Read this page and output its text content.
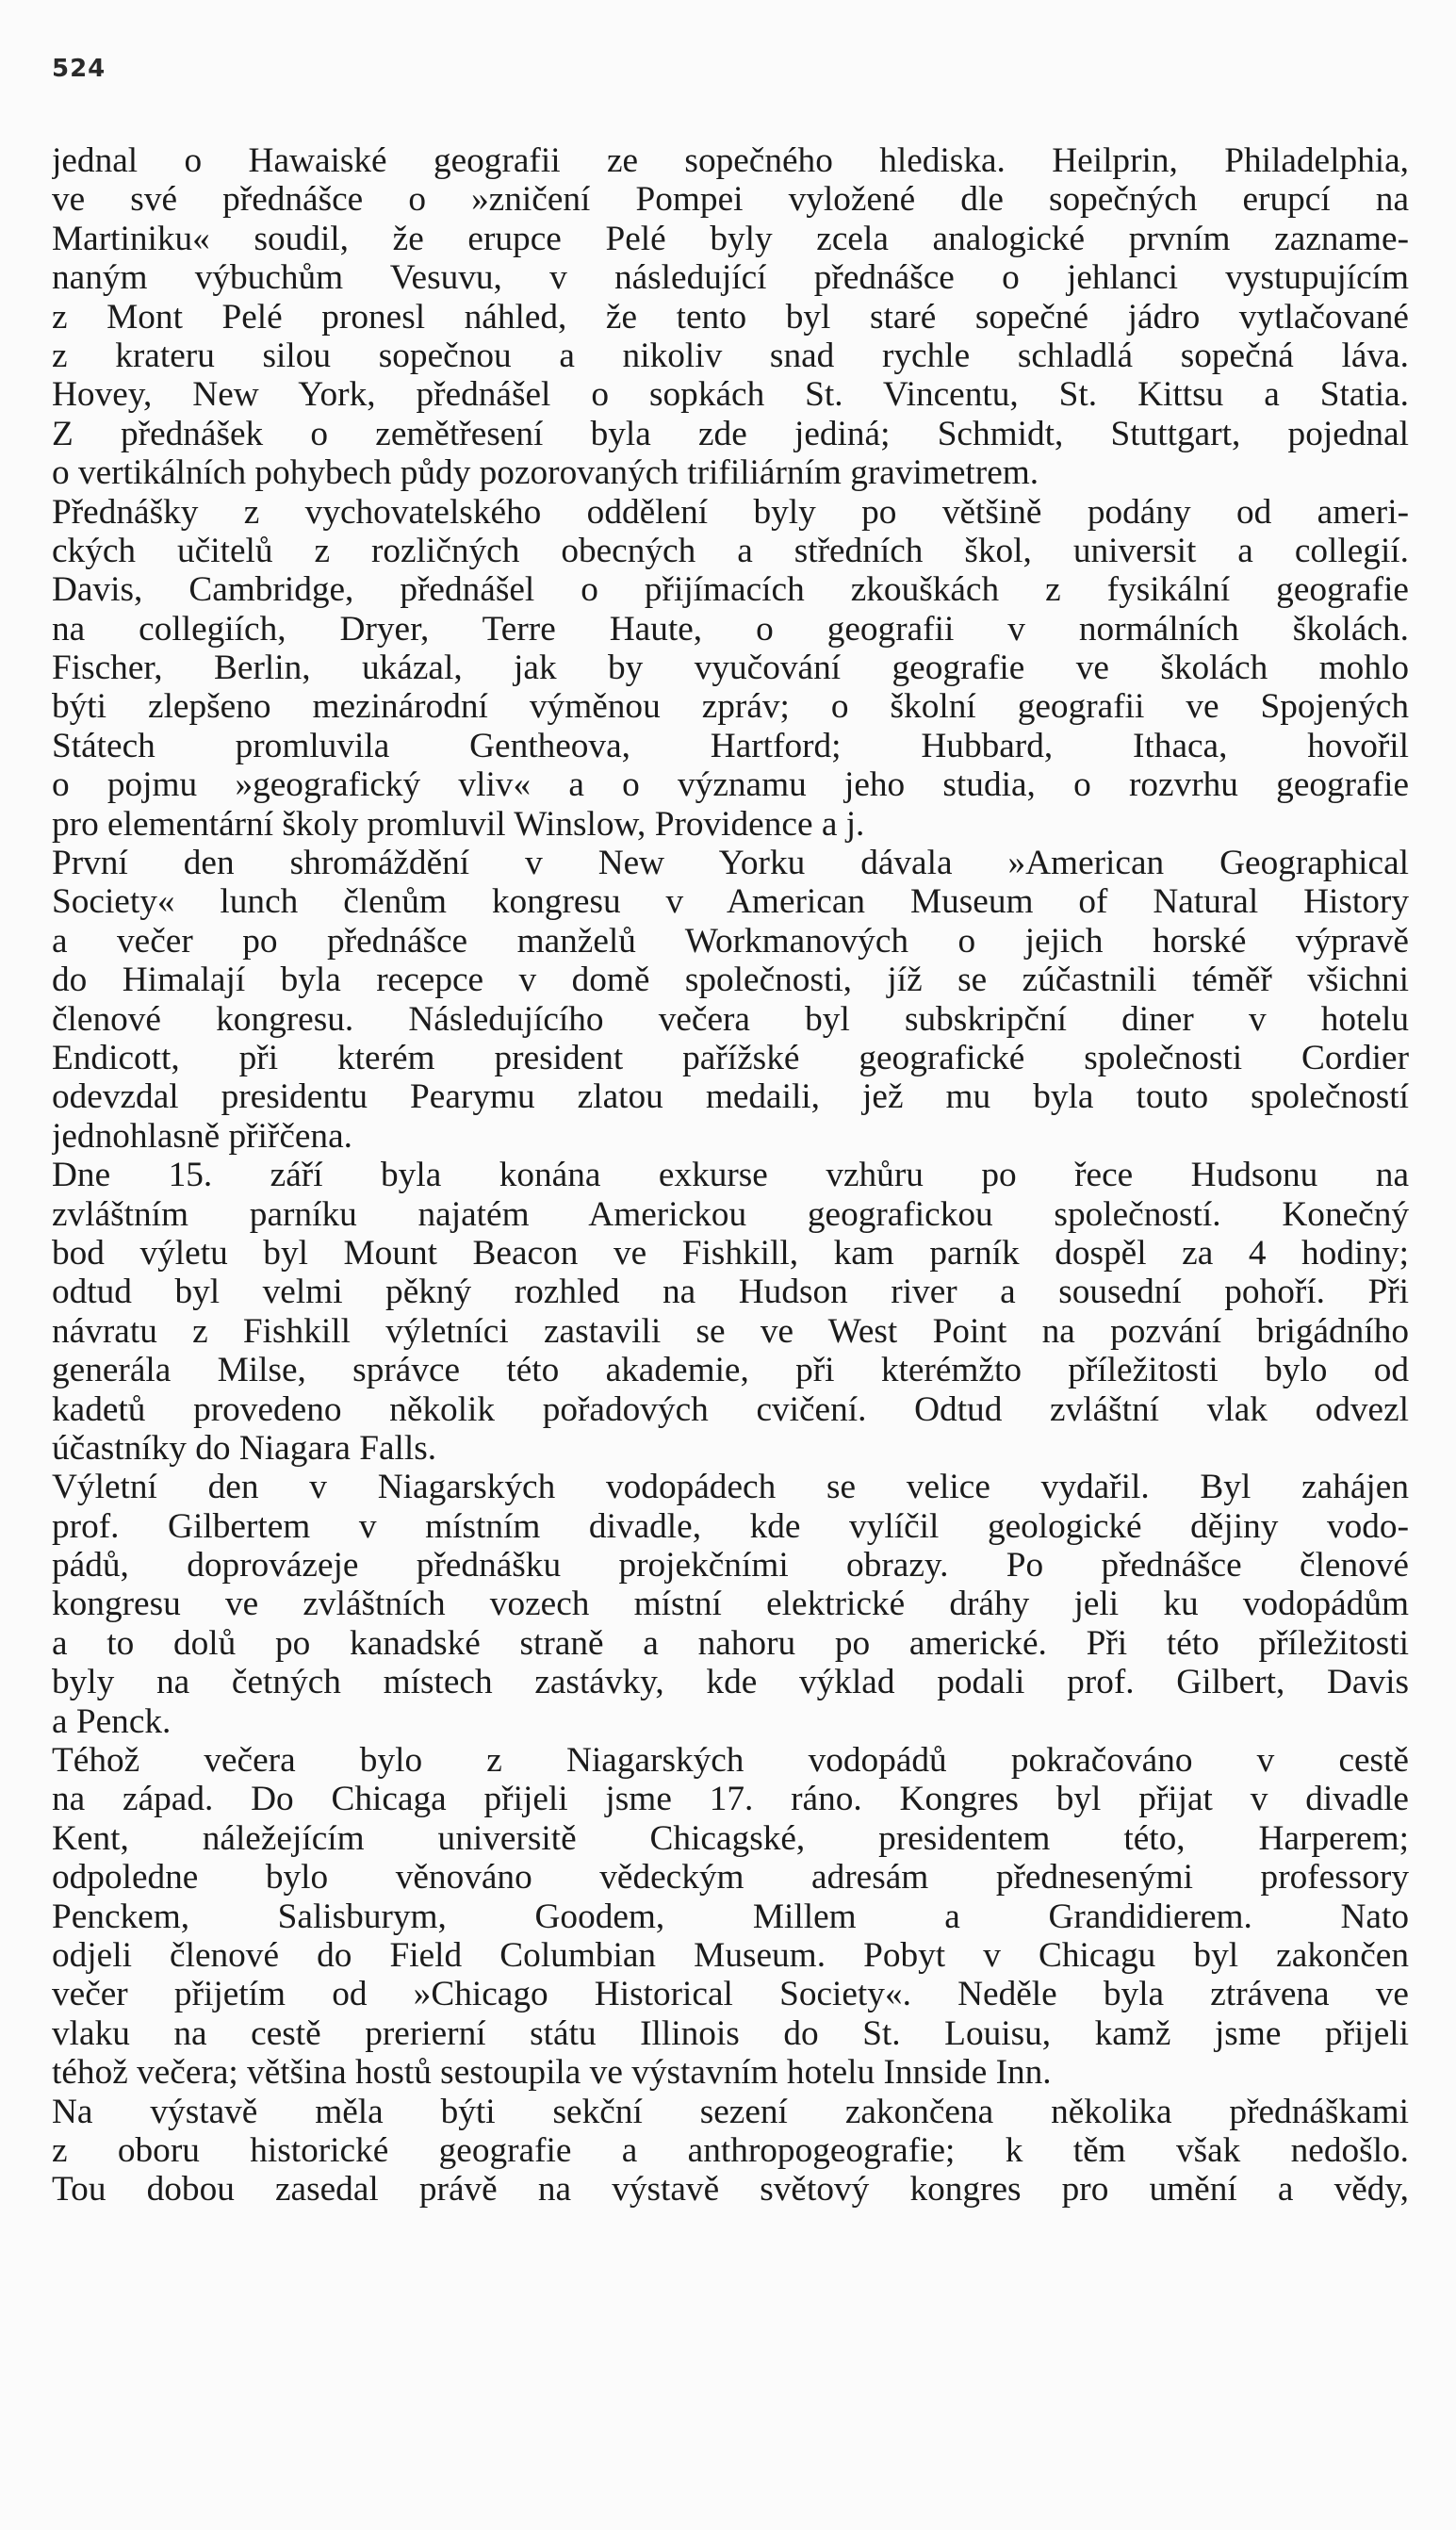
524
jednal o Hawaiské geografii ze sopečného hlediska. Heilprin, Philadelphia,
ve své přednášce o »zničení Pompei vyložené dle sopečných erupcí na
Martiniku« soudil, že erupce Pelé byly zcela analogické prvním zaznamе-
naným výbuchům Vesuvu, v následující přednášce o jehlanci vystupujícím
z Mont Pelé pronesl náhled, že tento byl staré sopečné jádro vytlačované
z krateru silou sopečnou a nikoliv snad rychle schladlá sopečná láva.
Hovey, New York, přednášel o sopkách St. Vincentu, St. Kittsu a Statia.
Z přednášek o zemětřesení byla zde jediná; Schmidt, Stuttgart, pojednal
o vertikálních pohybech půdy pozorovaných trifiliárním gravimetrem.
Přednášky z vychovatelského oddělení byly po většině podány od ameri-
ckých učitelů z rozličných obecných a středních škol, universit a collegií.
Davis, Cambridge, přednášel o přijímacích zkouškách z fysikální geografie
na collegiích, Dryer, Terre Haute, o geografii v normálních školách.
Fischer, Berlin, ukázal, jak by vyučování geografie ve školách mohlo
býti zlepšeno mezinárodní výměnou zpráv; o školní geografii ve Spojených
Státech promluvila Gentheova, Hartford; Hubbard, Ithaca, hovořil
o pojmu »geografický vliv« a o významu jeho studia, o rozvrhu geografie
pro elementární školy promluvil Winslow, Providence a j.
První den shromáždění v New Yorku dávala »American Geographical
Society« lunch členům kongresu v American Museum of Natural History
a večer po přednášce manželů Workmanových o jejich horské výpravě
do Himalají byla recepce v domě společnosti, jíž se zúčastnili téměř všichni
členové kongresu. Následujícího večera byl subskripční diner v hotelu
Endicott, při kterém president pařížské geografické společnosti Cordier
odevzdal presidentu Pearymu zlatou medaili, jež mu byla touto společností
jednohlasně přiřčena.
Dne 15. září byla konána exkurse vzhůru po řece Hudsonu na
zvláštním parníku najatém Americkou geografickou společností. Konečný
bod výletu byl Mount Beacon ve Fishkill, kam parník dospěl za 4 hodiny;
odtud byl velmi pěkný rozhled na Hudson river a sousední pohoří. Při
návratu z Fishkill výletníci zastavili se ve West Point na pozvání brigádního
generála Milse, správce této akademie, při kterémžto příležitosti bylo od
kadetů provedeno několik pořadových cvičení. Odtud zvláštní vlak odvezl
účastníky do Niagara Falls.
Výletní den v Niagarských vodopádech se velice vydařil. Byl zahájen
prof. Gilbertem v místním divadle, kde vylíčil geologické dějiny vodo-
pádů, doprovázeje přednášku projekčními obrazy. Po přednášce členové
kongresu ve zvláštních vozech místní elektrické dráhy jeli ku vodopádům
a to dolů po kanadské straně a nahoru po americké. Při této příležitosti
byly na četných místech zastávky, kde výklad podali prof. Gilbert, Davis
a Penck.
Téhož večera bylo z Niagarských vodopádů pokračováno v cestě
na západ. Do Chicaga přijeli jsme 17. ráno. Kongres byl přijat v divadle
Kent, náležejícím universitě Chicagské, presidentem této, Harperem;
odpoledne bylo věnováno vědeckým adresám přednesenými professory
Penckem, Salisburym, Goodem, Millem a Grandidierem. Nato
odjeli členové do Field Columbian Museum. Pobyt v Chicagu byl zakončen
večer přijetím od »Chicago Historical Society«. Neděle byla ztrávena ve
vlaku na cestě prerierní státu Illinois do St. Louisu, kamž jsme přijeli
téhož večera; většina hostů sestoupila ve výstavním hotelu Innside Inn.
Na výstavě měla býti sekční sezení zakončena několika přednáškami
z oboru historické geografie a anthropogeografie; k těm však nedošlo.
Tou dobou zasedal právě na výstavě světový kongres pro umění a vědy,
